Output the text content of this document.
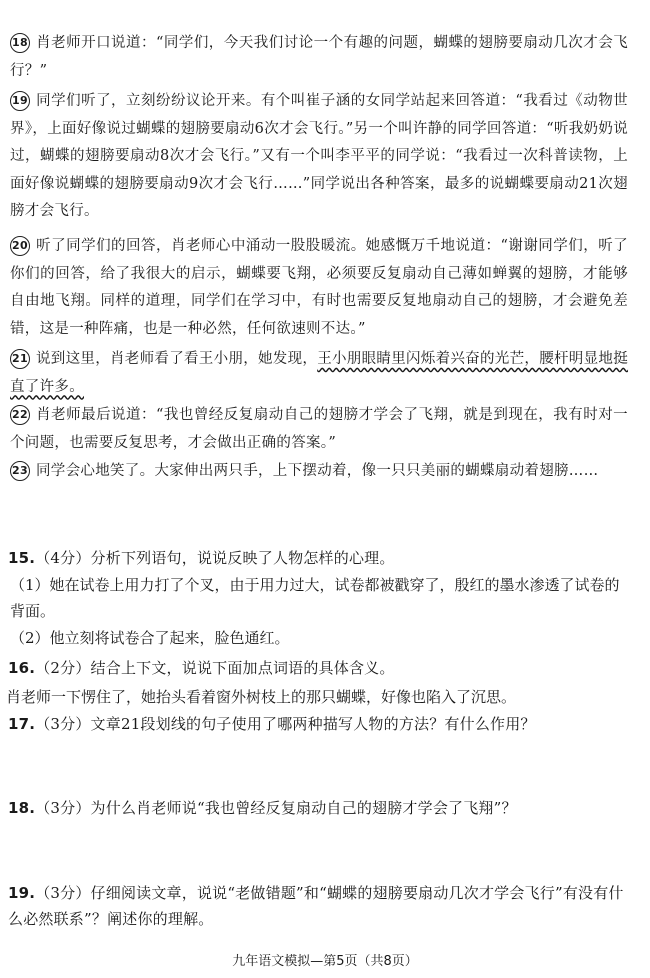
18 肖老师开口说道：“同学们，今天我们讨论一个有趣的问题，蝴蝶的翅膀要扇动几次才会飞行？”
19 同学们听了，立刻纷纷议论开来。有个叫崔子涵的女同学站起来回答道：“我看过《动物世界》，上面好像说过蝴蝶的翅膀要扇动6次才会飞行。”另一个叫许静的同学回答道：“听我奶奶说过，蝴蝶的翅膀要扇动8次才会飞行。”又有一个叫李平平的同学说：“我看过一次科普读物，上面好像说蝴蝶的翅膀要扇动9次才会飞行……”同学说出各种答案，最多的说蝴蝶要扇动21次翅膀才会飞行。
20 听了同学们的回答，肖老师心中涌动一股股暖流。她感慨万千地说道：“谢谢同学们，听了你们的回答，给了我很大的启示，蝴蝶要飞翔，必须要反复扇动自己薄如蝉翼的翅膀，才能够自由地飞翔。同样的道理，同学们在学习中，有时也需要反复地扇动自己的翅膀，才会避免差错，这是一种阵痛，也是一种必然，任何欲速则不达。”
21 说到这里，肖老师看了看王小朋，她发现，王小朋眼睛里闪烁着兴奋的光芒，腰杆明显地挺直了许多。
22 肖老师最后说道：“我也曾经反复扇动自己的翅膀才学会了飞翔，就是到现在，我有时对一个问题，也需要反复思考，才会做出正确的答案。”
23 同学会心地笑了。大家伸出两只手，上下摆动着，像一只只美丽的蝴蝶扇动着翅膀……
15.（4分）分析下列语句，说说反映了人物怎样的心理。
（1）她在试卷上用力打了个叉，由于用力过大，试卷都被戳穿了，殷红的墨水渗透了试卷的背面。
（2）他立刻将试卷合了起来，脸色通红。
16.（2分）结合上下文，说说下面加点词语的具体含义。
肖老师一下愣住了，她抬头看着窗外树枝上的那只蝴蝶，好像也陷入了沉思。
17.（3分）文章21段划线的句子使用了哪两种描写人物的方法？有什么作用？
18.（3分）为什么肖老师说“我也曾经反复扇动自己的翅膀才学会了飞翔”？
19.（3分）仔细阅读文章，说说“老做错题”和“蝴蝶的翅膀要扇动几次才学会飞行”有没有什么必然联系”？阐述你的理解。
九年语文模拟—第5页（共8页）
